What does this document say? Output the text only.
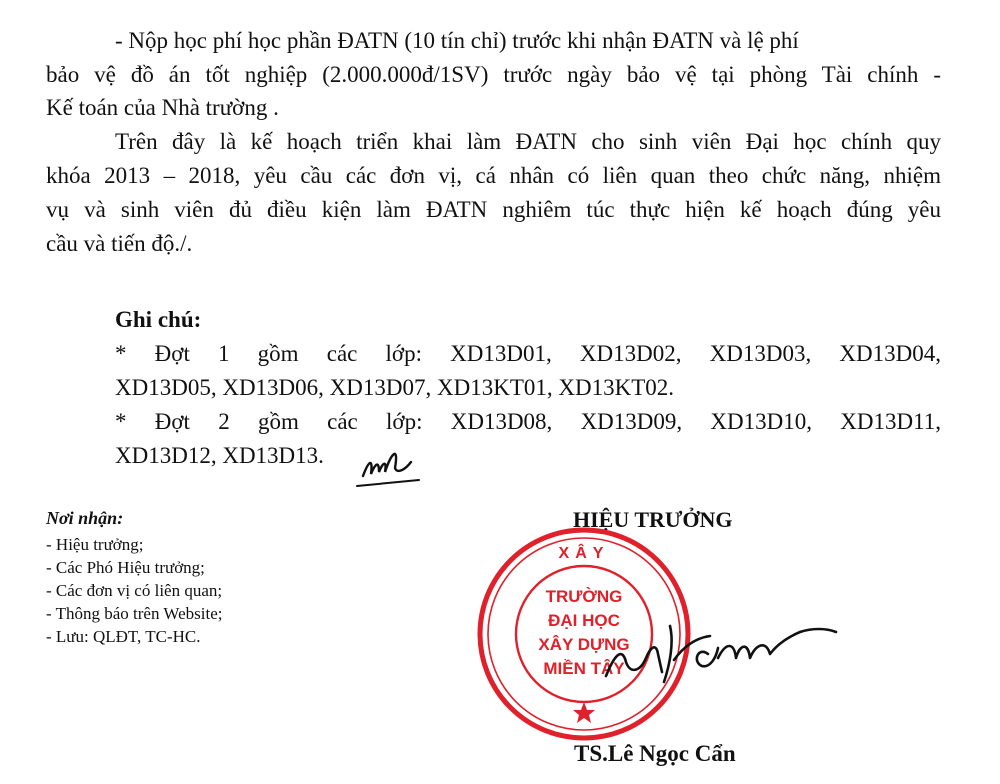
- Nộp học phí học phần ĐATN (10 tín chỉ) trước khi nhận ĐATN và lệ phí
bảo vệ đồ án tốt nghiệp (2.000.000đ/1SV) trước ngày bảo vệ tại phòng Tài chính -
Kế toán của Nhà trường .
Trên đây là kế hoạch triển khai làm ĐATN cho sinh viên Đại học chính quy
khóa 2013 – 2018, yêu cầu các đơn vị, cá nhân có liên quan theo chức năng, nhiệm
vụ và sinh viên đủ điều kiện làm ĐATN nghiêm túc thực hiện kế hoạch đúng yêu
cầu và tiến độ./.
Ghi chú:
* Đợt 1 gồm các lớp: XD13D01, XD13D02, XD13D03, XD13D04,
XD13D05, XD13D06, XD13D07, XD13KT01, XD13KT02.
* Đợt 2 gồm các lớp: XD13D08, XD13D09, XD13D10, XD13D11,
XD13D12, XD13D13.
Nơi nhận:
- Hiệu trưởng;
- Các Phó Hiệu trưởng;
- Các đơn vị có liên quan;
- Thông báo trên Website;
- Lưu: QLĐT, TC-HC.
HIỆU TRƯỞNG
XÂY
TRƯỜNG
ĐẠI HỌC
XÂY DỰNG
MIỀN TÂY
TS.Lê Ngọc Cẩn
